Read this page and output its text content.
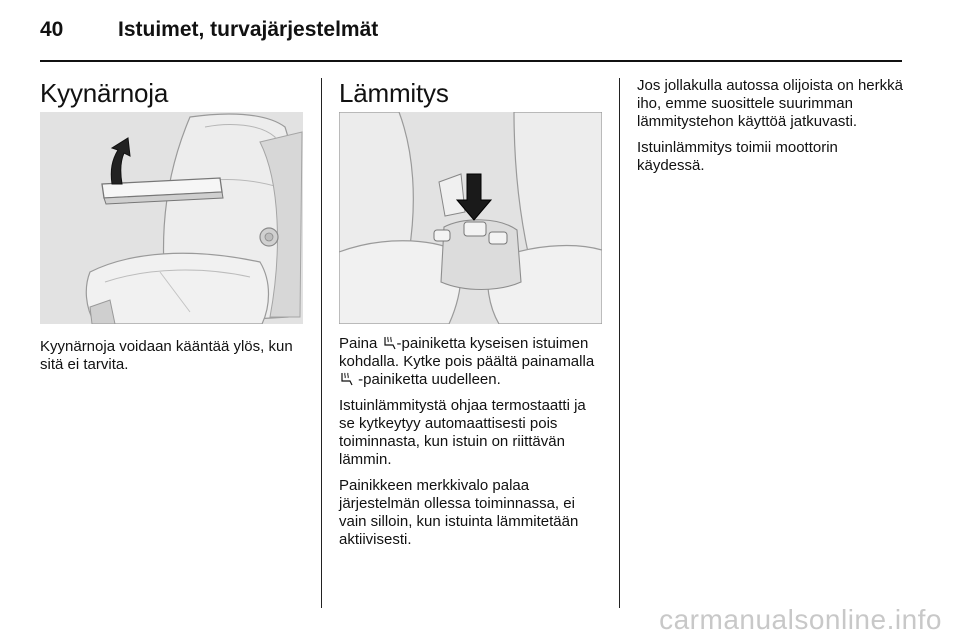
40	Istuimet, turvajärjestelmät
Kyynärnoja

Kyynärnoja voidaan kääntää ylös, kun sitä ei tarvita.

Lämmitys

Paina -painiketta kyseisen istuimen kohdalla. Kytke pois päältä painamalla  -painiketta uudelleen.

Istuinlämmitystä ohjaa termostaatti ja se kytkeytyy automaattisesti pois toiminnasta, kun istuin on riittävän lämmin.

Painikkeen merkkivalo palaa järjestelmän ollessa toiminnassa, ei vain silloin, kun istuinta lämmitetään aktiivisesti.

Jos jollakulla autossa olijoista on herkkä iho, emme suosittele suurimman lämmitystehon käyttöä jatkuvasti.

Istuinlämmitys toimii moottorin käydessä.

carmanualsonline.info
